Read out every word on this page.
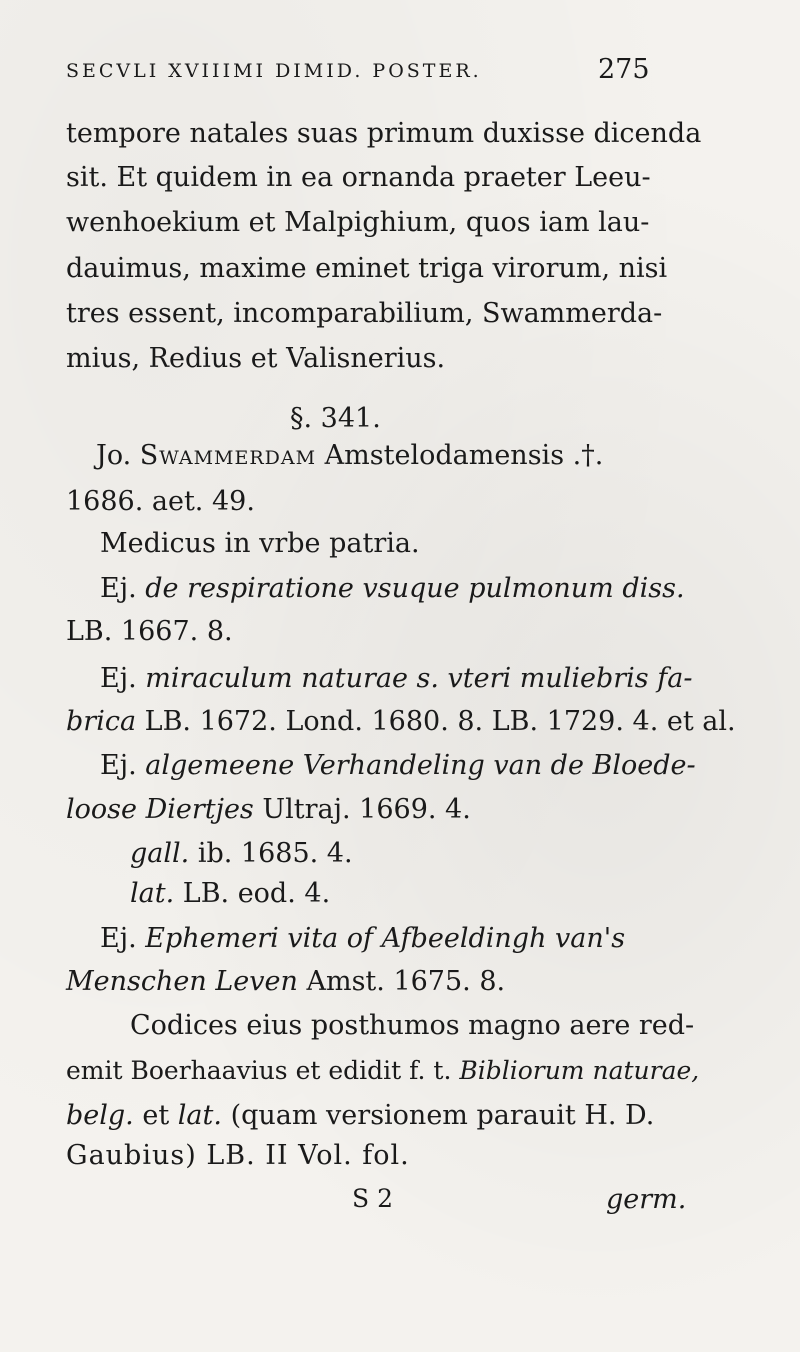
SECVLI XVIIIMI DIMID. POSTER.	275
tempore natales suas primum duxisse dicenda
sit. Et quidem in ea ornanda praeter Leeu-
wenhoekium et Malpighium, quos iam lau-
dauimus, maxime eminet triga virorum, nisi
tres essent, incomparabilium, Swammerda-
mius, Redius et Valisnerius.
§. 341.
Jo. Swammerdam Amstelodamensis .†.
1686. aet. 49.
Medicus in vrbe patria.
Ej. de respiratione vsuque pulmonum diss.
LB. 1667. 8.
Ej. miraculum naturae s. vteri muliebris fa-
brica LB. 1672. Lond. 1680. 8. LB. 1729. 4. et al.
Ej. algemeene Verhandeling van de Bloede-
loose Diertjes Ultraj. 1669. 4.
gall. ib. 1685. 4.
lat. LB. eod. 4.
Ej. Ephemeri vita of Afbeeldingh van's
Menschen Leven Amst. 1675. 8.
Codices eius posthumos magno aere red-
emit Boerhaavius et edidit f. t. Bibliorum naturae,
belg. et lat. (quam versionem parauit H. D.
Gaubius) LB. II Vol. fol.
S 2	germ.
